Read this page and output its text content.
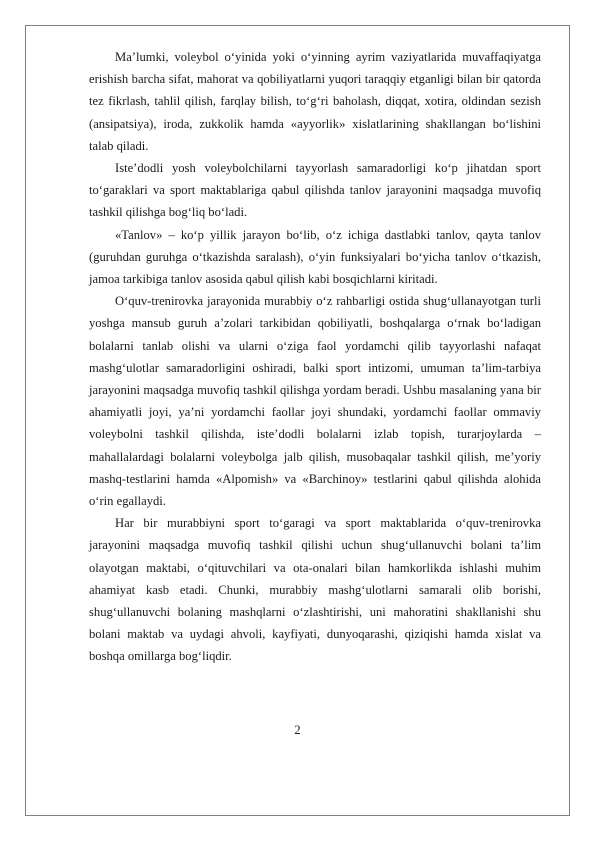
Ma’lumki, voleybol o‘yinida yoki o‘yinning ayrim vaziyatlarida muvaffaqiyatga erishish barcha sifat, mahorat va qobiliyatlarni yuqori taraqqiy etganligi bilan bir qatorda tez fikrlash, tahlil qilish, farqlay bilish, to‘g‘ri baholash, diqqat, xotira, oldindan sezish (ansipatsiya), iroda, zukkolik hamda «ayyorlik» xislatlarining shakllangan bo‘lishini talab qiladi.

Iste’dodli yosh voleybolchilarni tayyorlash samaradorligi ko‘p jihatdan sport to‘garaklari va sport maktablariga qabul qilishda tanlov jarayonini maqsadga muvofiq tashkil qilishga bog‘liq bo‘ladi.

«Tanlov» – ko‘p yillik jarayon bo‘lib, o‘z ichiga dastlabki tanlov, qayta tanlov (guruhdan guruhga o‘tkazishda saralash), o‘yin funksiyalari bo‘yicha tanlov o‘tkazish, jamoa tarkibiga tanlov asosida qabul qilish kabi bosqichlarni kiritadi.

O‘quv-trenirovka jarayonida murabbiy o‘z rahbarligi ostida shug‘ullanayotgan turli yoshga mansub guruh a’zolari tarkibidan qobiliyatli, boshqalarga o‘rnak bo‘ladigan bolalarni tanlab olishi va ularni o‘ziga faol yordamchi qilib tayyorlashi nafaqat mashg‘ulotlar samaradorligini oshiradi, balki sport intizomi, umuman ta’lim-tarbiya jarayonini maqsadga muvofiq tashkil qilishga yordam beradi. Ushbu masalaning yana bir ahamiyatli joyi, ya’ni yordamchi faollar joyi shundaki, yordamchi faollar ommaviy voleybolni tashkil qilishda, iste’dodli bolalarni izlab topish, turarjoylarda – mahallalardagi bolalarni voleybolga jalb qilish, musobaqalar tashkil qilish, me’yoriy mashq-testlarini hamda «Alpomish» va «Barchinoy» testlarini qabul qilishda alohida o‘rin egallaydi.

Har bir murabbiyni sport to‘garagi va sport maktablarida o‘quv-trenirovka jarayonini maqsadga muvofiq tashkil qilishi uchun shug‘ullanuvchi bolani ta’lim olayotgan maktabi, o‘qituvchilari va ota-onalari bilan hamkorlikda ishlashi muhim ahamiyat kasb etadi. Chunki, murabbiy mashg‘ulotlarni samarali olib borishi, shug‘ullanuvchi bolaning mashqlarni o‘zlashtirishi, uni mahoratini shakllanishi shu bolani maktab va uydagi ahvoli, kayfiyati, dunyoqarashi, qiziqishi hamda xislat va boshqa omillarga bog‘liqdir.

2
